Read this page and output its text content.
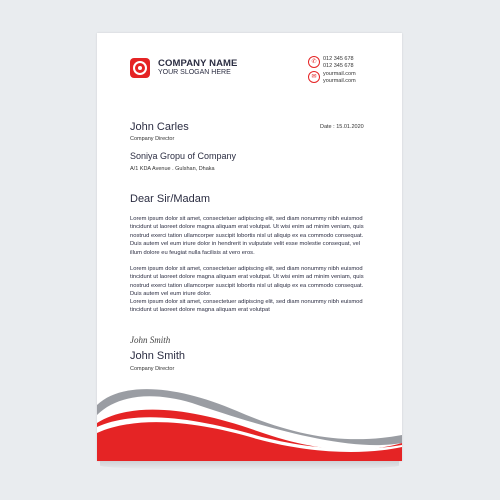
COMPANY NAME
YOUR SLOGAN HERE
✆	012 345 678
012 345 678
✉	yourmail.com
yourmail.com
John Carles
Company Director
Date : 15.01.2020
Soniya Gropu of Company
A/1 KDA Avenue . Gulshan, Dhaka
Dear Sir/Madam

Lorem ipsum dolor sit amet, consectetuer adipiscing elit, sed diam nonummy nibh euismod tincidunt ut laoreet dolore magna aliquam erat volutpat. Ut wisi enim ad minim veniam, quis nostrud exerci tation ullamcorper suscipit lobortis nisl ut aliquip ex ea commodo consequat. Duis autem vel eum iriure dolor in hendrerit in vulputate velit esse molestie consequat, vel illum dolore eu feugiat nulla facilisis at vero eros.

Lorem ipsum dolor sit amet, consectetuer adipiscing elit, sed diam nonummy nibh euismod tincidunt ut laoreet dolore magna aliquam erat volutpat. Ut wisi enim ad minim veniam, quis nostrud exerci tation ullamcorper suscipit lobortis nisl ut aliquip ex ea commodo consequat. Duis autem vel eum iriure dolor.

Lorem ipsum dolor sit amet, consectetuer adipiscing elit, sed diam nonummy nibh euismod tincidunt ut laoreet dolore magna aliquam erat volutpat

John Smith
John Smith
Company Director
